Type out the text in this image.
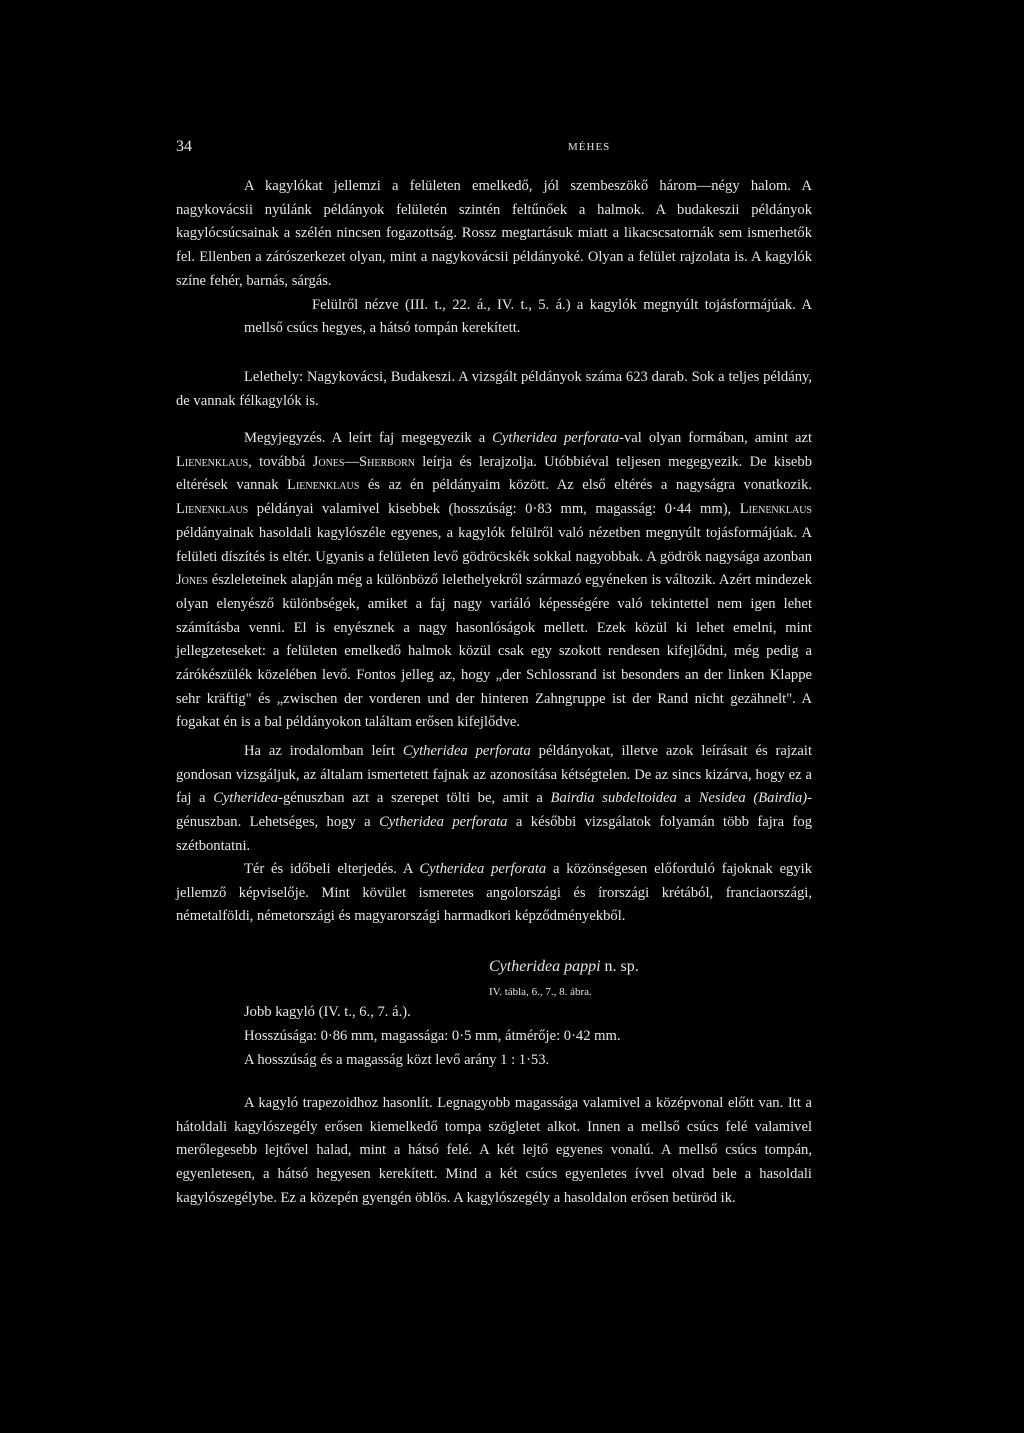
34	MÉHES

A kagylókat jellemzi a felületen emelkedő, jól szembeszökő három—négy halom. A nagykovácsii nyúlánk példányok felületén szintén feltűnőek a halmok. A budakeszii példányok kagylócsúcsainak a szélén nincsen fogazottság. Rossz megtartásuk miatt a likacscsatornák sem ismerhetők fel. Ellenben a zárószerkezet olyan, mint a nagykovácsii példányoké. Olyan a felület rajzolata is. A kagylók színe fehér, barnás, sárgás.
Felülről nézve (III. t., 22. á., IV. t., 5. á.) a kagylók megnyúlt tojásformájúak. A mellső csúcs hegyes, a hátsó tompán kerekített.

Lelethely: Nagykovácsi, Budakeszi. A vizsgált példányok száma 623 darab. Sok a teljes példány, de vannak félkagylók is.

Megyjegyzés. A leírt faj megegyezik a Cytheridea perforata-val olyan formában, amint azt Lienenklaus, továbbá Jones—Sherborn leírja és lerajzolja. Utóbbiéval teljesen megegyezik. De kisebb eltérések vannak Lienenklaus és az én példányaim között. Az első eltérés a nagyságra vonatkozik. Lienenklaus példányai valamivel kisebbek (hosszúság: 0·83 mm, magasság: 0·44 mm), Lienenklaus példányainak hasoldali kagylószéle egyenes, a kagylók felülről való nézetben megnyúlt tojásformájúak. A felületi díszítés is eltér. Ugyanis a felületen levő gödröcskék sokkal nagyobbak. A gödrök nagysága azonban Jones észleleteinek alapján még a különböző lelethelyekről származó egyéneken is változik. Azért mindezek olyan elenyésző különbségek, amiket a faj nagy variáló képességére való tekintettel nem igen lehet számításba venni. El is enyésznek a nagy hasonlóságok mellett. Ezek közül ki lehet emelni, mint jellegzeteseket: a felületen emelkedő halmok közül csak egy szokott rendesen kifejlődni, még pedig a zárókészülék közelében levő. Fontos jelleg az, hogy „der Schlossrand ist besonders an der linken Klappe sehr kräftig" és „zwischen der vorderen und der hinteren Zahngruppe ist der Rand nicht gezähnelt". A fogakat én is a bal példányokon találtam erősen kifejlődve.

Ha az irodalomban leírt Cytheridea perforata példányokat, illetve azok leírásait és rajzait gondosan vizsgáljuk, az általam ismertetett fajnak az azonosítása kétségtelen. De az sincs kizárva, hogy ez a faj a Cytheridea-génuszban azt a szerepet tölti be, amit a Bairdia subdeltoidea a Nesidea (Bairdia)-génuszban. Lehetséges, hogy a Cytheridea perforata a későbbi vizsgálatok folyamán több fajra fog szétbontatni.

Tér és időbeli elterjedés. A Cytheridea perforata a közönségesen előforduló fajoknak egyik jellemző képviselője. Mint kövület ismeretes angolországi és írországi krétából, franciaországi, németalföldi, németországi és magyarországi harmadkori képződményekből.

Cytheridea pappi n. sp.
IV. tábla, 6., 7., 8. ábra.
Jobb kagyló (IV. t., 6., 7. á.).
Hosszúsága: 0·86 mm, magassága: 0·5 mm, átmérője: 0·42 mm.
A hosszúság és a magasság közt levő arány 1 : 1·53.

A kagyló trapezoidhoz hasonlít. Legnagyobb magassága valamivel a középvonal előtt van. Itt a hátoldali kagylószegély erősen kiemelkedő tompa szögletet alkot. Innen a mellső csúcs felé valamivel merőlegesebb lejtővel halad, mint a hátsó felé. A két lejtő egyenes vonalú. A mellső csúcs tompán, egyenletesen, a hátsó hegyesen kerekített. Mind a két csúcs egyenletes ívvel olvad bele a hasoldali kagylószegélybe. Ez a közepén gyengén öblös. A kagylószegély a hasoldalon erősen betüröd ik.
